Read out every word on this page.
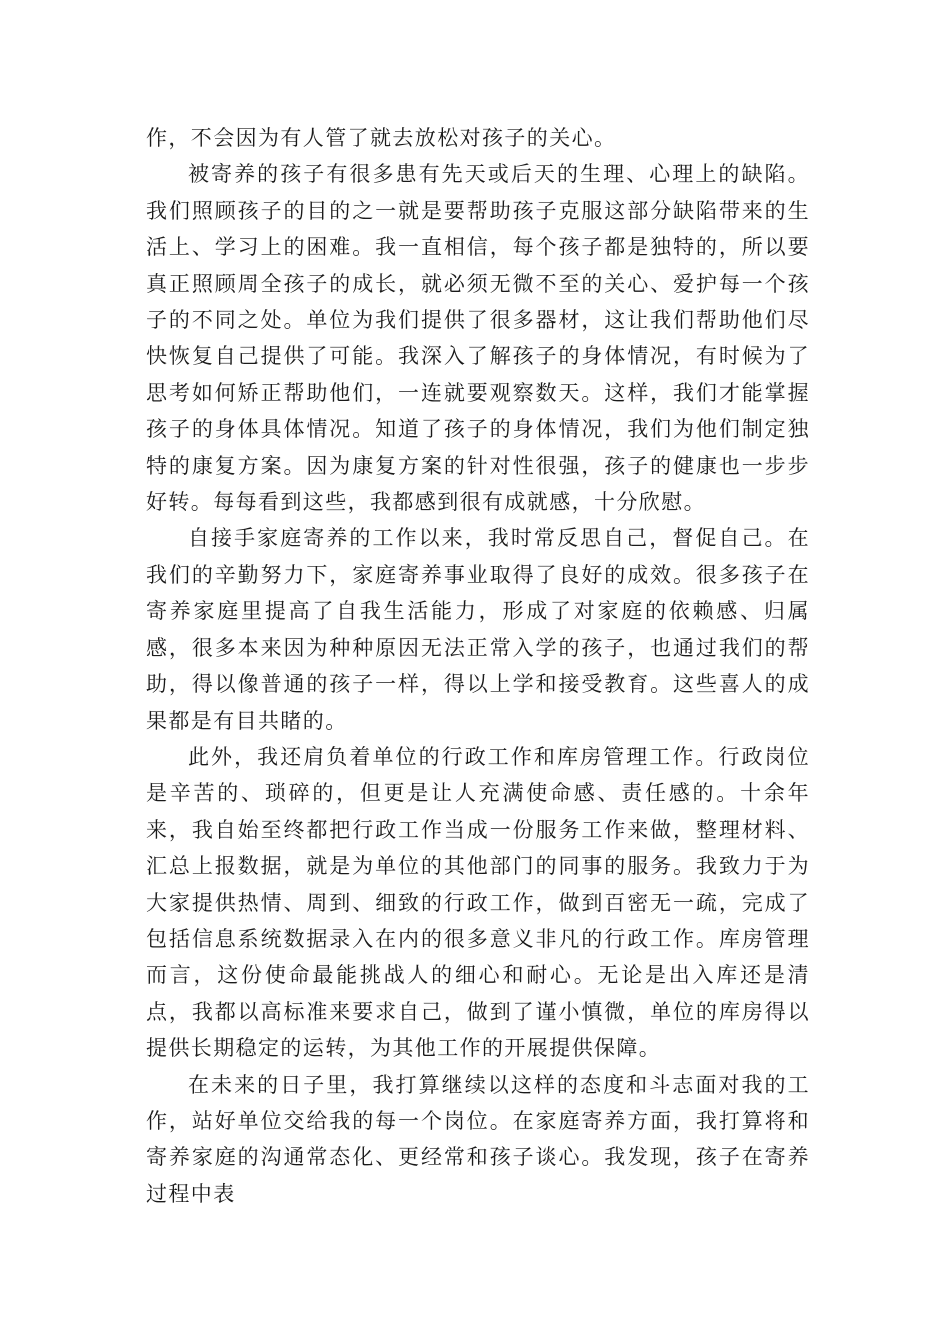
作，不会因为有人管了就去放松对孩子的关心。

被寄养的孩子有很多患有先天或后天的生理、心理上的缺陷。我们照顾孩子的目的之一就是要帮助孩子克服这部分缺陷带来的生活上、学习上的困难。我一直相信，每个孩子都是独特的，所以要真正照顾周全孩子的成长，就必须无微不至的关心、爱护每一个孩子的不同之处。单位为我们提供了很多器材，这让我们帮助他们尽快恢复自己提供了可能。我深入了解孩子的身体情况，有时候为了思考如何矫正帮助他们，一连就要观察数天。这样，我们才能掌握孩子的身体具体情况。知道了孩子的身体情况，我们为他们制定独特的康复方案。因为康复方案的针对性很强，孩子的健康也一步步好转。每每看到这些，我都感到很有成就感，十分欣慰。

自接手家庭寄养的工作以来，我时常反思自己，督促自己。在我们的辛勤努力下，家庭寄养事业取得了良好的成效。很多孩子在寄养家庭里提高了自我生活能力，形成了对家庭的依赖感、归属感，很多本来因为种种原因无法正常入学的孩子，也通过我们的帮助，得以像普通的孩子一样，得以上学和接受教育。这些喜人的成果都是有目共睹的。

此外，我还肩负着单位的行政工作和库房管理工作。行政岗位是辛苦的、琐碎的，但更是让人充满使命感、责任感的。十余年来，我自始至终都把行政工作当成一份服务工作来做，整理材料、汇总上报数据，就是为单位的其他部门的同事的服务。我致力于为大家提供热情、周到、细致的行政工作，做到百密无一疏，完成了包括信息系统数据录入在内的很多意义非凡的行政工作。库房管理而言，这份使命最能挑战人的细心和耐心。无论是出入库还是清点，我都以高标准来要求自己，做到了谨小慎微，单位的库房得以提供长期稳定的运转，为其他工作的开展提供保障。

在未来的日子里，我打算继续以这样的态度和斗志面对我的工作，站好单位交给我的每一个岗位。在家庭寄养方面，我打算将和寄养家庭的沟通常态化、更经常和孩子谈心。我发现，孩子在寄养过程中表
